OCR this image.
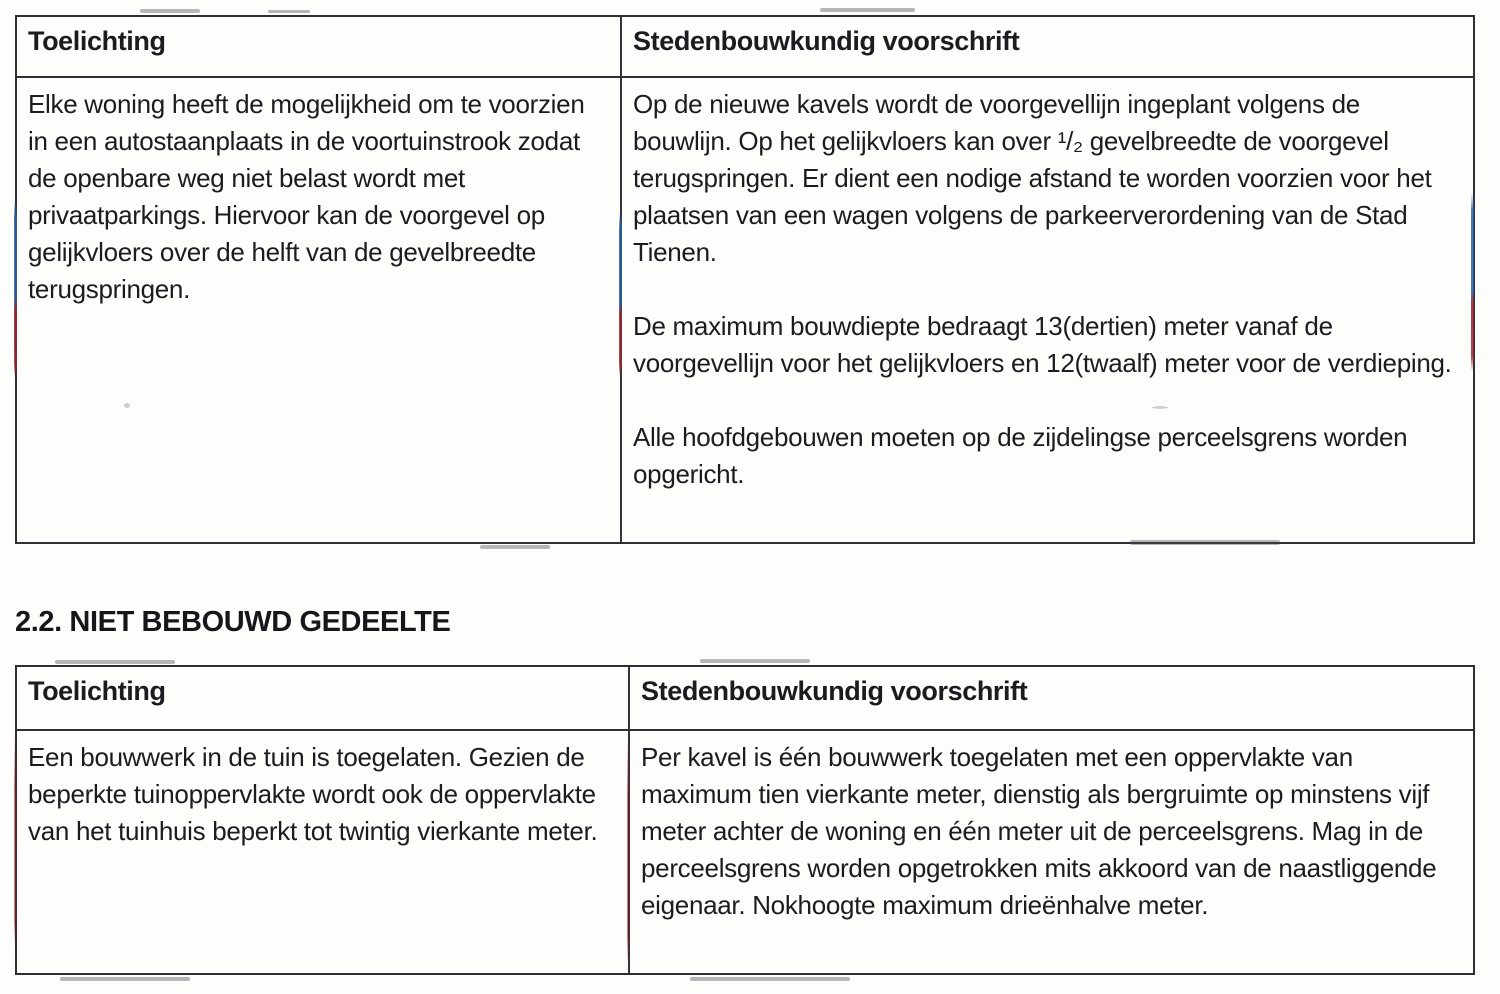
Toelichting	Stedenbouwkundig voorschrift

Elke woning heeft de mogelijkheid om te voorzien in een autostaanplaats in de voortuinstrook zodat de openbare weg niet belast wordt met privaatparkings. Hiervoor kan de voorgevel op gelijkvloers over de helft van de gevelbreedte terugspringen.

Op de nieuwe kavels wordt de voorgevellijn ingeplant volgens de bouwlijn. Op het gelijkvloers kan over ¹/₂ gevelbreedte de voorgevel terugspringen. Er dient een nodige afstand te worden voorzien voor het plaatsen van een wagen volgens de parkeerverordening van de Stad Tienen.

De maximum bouwdiepte bedraagt 13(dertien) meter vanaf de voorgevellijn voor het gelijkvloers en 12(twaalf) meter voor de verdieping.

Alle hoofdgebouwen moeten op de zijdelingse perceelsgrens worden opgericht.

2.2. NIET BEBOUWD GEDEELTE
Toelichting	Stedenbouwkundig voorschrift

Een bouwwerk in de tuin is toegelaten. Gezien de beperkte tuinoppervlakte wordt ook de oppervlakte van het tuinhuis beperkt tot twintig vierkante meter.

Per kavel is één bouwwerk toegelaten met een oppervlakte van maximum tien vierkante meter, dienstig als bergruimte op minstens vijf meter achter de woning en één meter uit de perceelsgrens. Mag in de perceelsgrens worden opgetrokken mits akkoord van de naastliggende eigenaar. Nokhoogte maximum drieënhalve meter.
